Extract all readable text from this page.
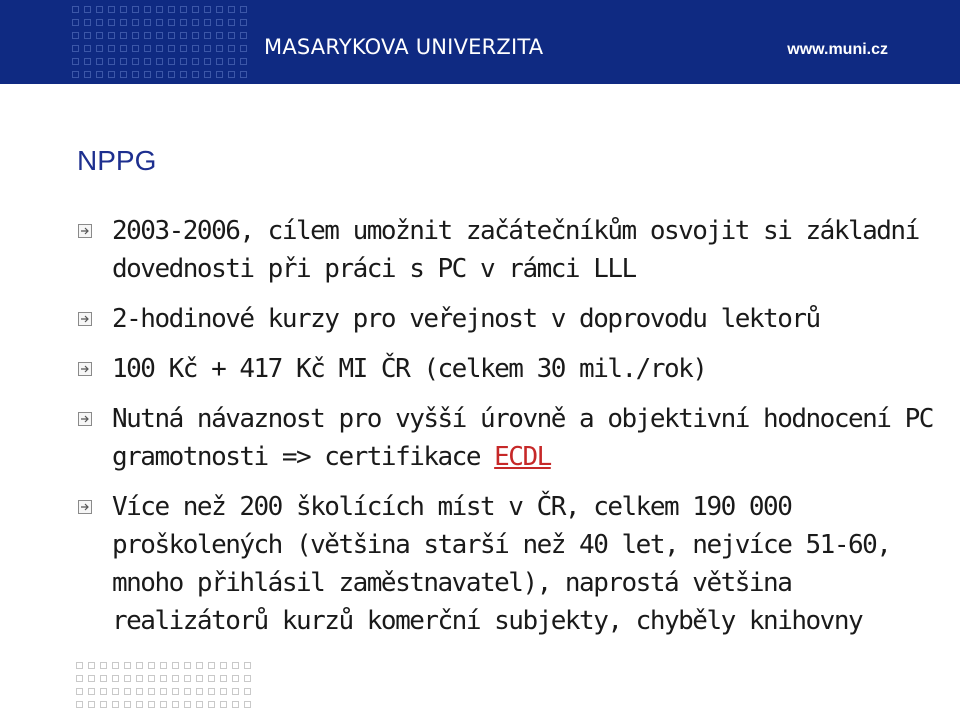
MASARYKOVA UNIVERZITA	www.muni.cz
NPPG
2003-2006, cílem umožnit začátečníkům osvojit si základní dovednosti při práci s PC v rámci LLL
2-hodinové kurzy pro veřejnost v doprovodu lektorů
100 Kč + 417 Kč MI ČR (celkem 30 mil./rok)
Nutná návaznost pro vyšší úrovně a objektivní hodnocení PC gramotnosti => certifikace ECDL
Více než 200 školících míst v ČR, celkem 190 000 proškolených (většina starší než 40 let, nejvíce 51-60, mnoho přihlásil zaměstnavatel), naprostá většina realizátorů kurzů komerční subjekty, chyběly knihovny
